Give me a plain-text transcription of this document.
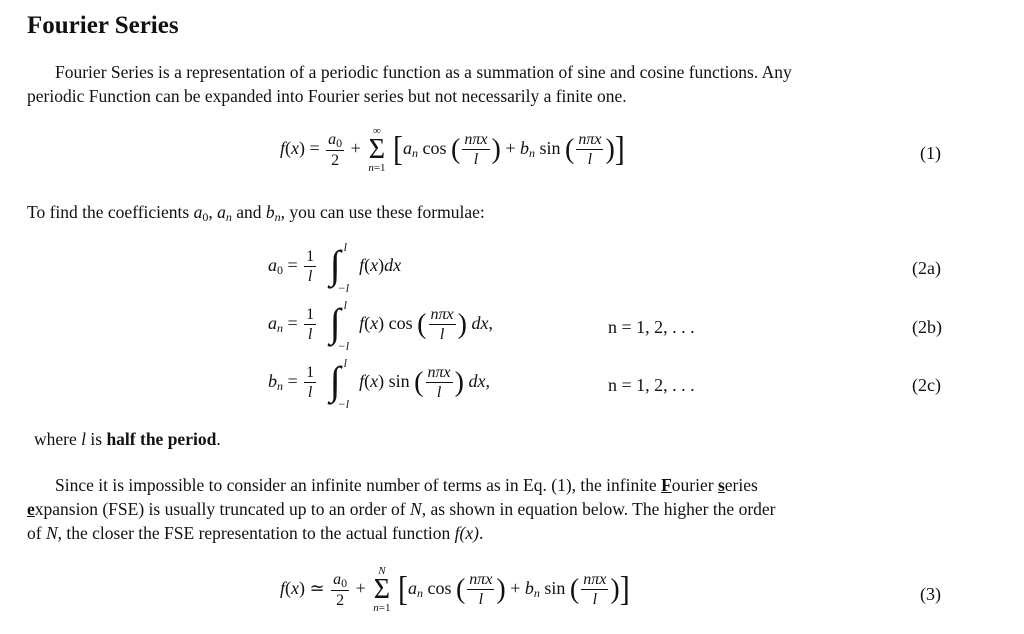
Fourier Series

Fourier Series is a representation of a periodic function as a summation of sine and cosine functions. Any

periodic Function can be expanded into Fourier series but not necessarily a finite one.

$f(x) = \frac{a_0}{2}$ +
∞
Σ
n=1 [$a_n$ cos ( $\frac{\text{nπx}}{l}$ ) + $b_n$ sin ( $\frac{\text{nπx}}{l}$ )]	(1)
To find the coefficients $a_0$, $a_n$ and $b_n$, you can use these formulae:
$a_0 = \frac{1}{l}$
∫ l
−l
f(x)dx	(2a)
$a_n = \frac{1}{l}$
∫ l
−l
f(x) cos ( $\frac{\text{nπx}}{l}$ ) dx,	n = 1, 2, . . .	(2b)
$b_n = \frac{1}{l}$
∫ l
−l
f(x) sin ( $\frac{\text{nπx}}{l}$ ) dx,	n = 1, 2, . . .	(2c)
where l is half the period.

Since it is impossible to consider an infinite number of terms as in Eq. (1), the infinite Fourier series

expansion (FSE) is usually truncated up to an order of N, as shown in equation below. The higher the order

of N, the closer the FSE representation to the actual function f(x).

f(x) ≃ $\frac{a_0}{2}$ +
N
Σ
n=1 [$a_n$ cos ( $\frac{\text{nπx}}{l}$ ) + $b_n$ sin ( $\frac{\text{nπx}}{l}$ )]	(3)
